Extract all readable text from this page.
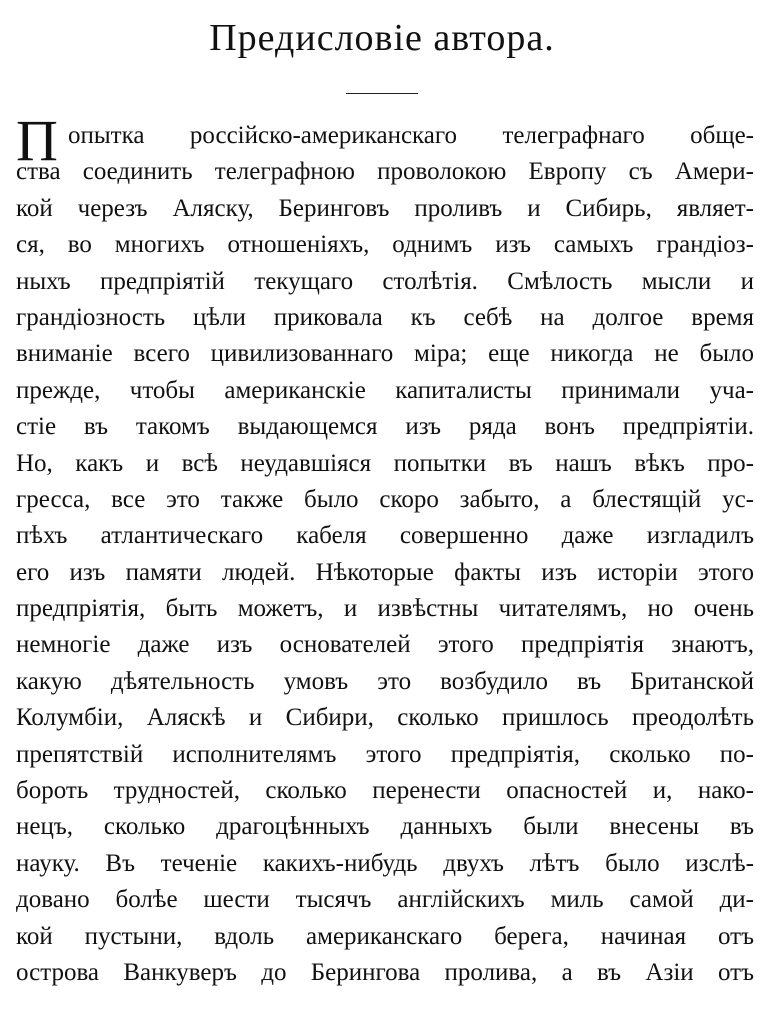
Предисловіе автора.
П опытка россійско-американскаго телеграфнаго обще-
ства соединить телеграфною проволокою Европу съ Амери-
кой черезъ Аляску, Беринговъ проливъ и Сибирь, являет-
ся, во многихъ отношеніяхъ, однимъ изъ самыхъ грандіоз-
ныхъ предпріятій текущаго столѣтія. Смѣлость мысли и
грандіозность цѣли приковала къ себѣ на долгое время
вниманіе всего цивилизованнаго міра; еще никогда не было
прежде, чтобы американскіе капиталисты принимали уча-
стіе въ такомъ выдающемся изъ ряда вонъ предпріятіи.
Но, какъ и всѣ неудавшіяся попытки въ нашъ вѣкъ про-
гресса, все это также было скоро забыто, а блестящій ус-
пѣхъ атлантическаго кабеля совершенно даже изгладилъ
его изъ памяти людей. Нѣкоторые факты изъ исторіи этого
предпріятія, быть можетъ, и извѣстны читателямъ, но очень
немногіе даже изъ основателей этого предпріятія знаютъ,
какую дѣятельность умовъ это возбудило въ Британской
Колумбіи, Аляскѣ и Сибири, сколько пришлось преодолѣть
препятствій исполнителямъ этого предпріятія, сколько по-
бороть трудностей, сколько перенести опасностей и, нако-
нецъ, сколько драгоцѣнныхъ данныхъ были внесены въ
науку. Въ теченіе какихъ-нибудь двухъ лѣтъ было изслѣ-
довано болѣе шести тысячъ англійскихъ миль самой ди-
кой пустыни, вдоль американскаго берега, начиная отъ
острова Ванкуверъ до Берингова пролива, а въ Азіи отъ
